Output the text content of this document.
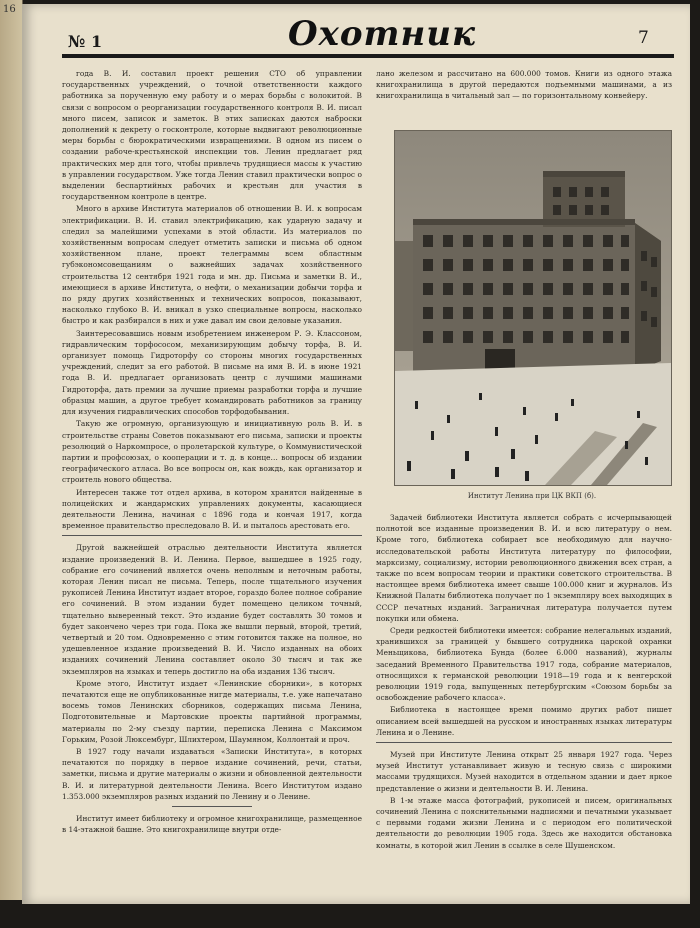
16
№ 1	Охотник	7

года В. И. составил проект решения СТО об управлении государственных учреждений, о точной ответственности каждого работника за порученную ему работу и о мерах борьбы с волокитой. В связи с вопросом о реорганизации государственного контроля В. И. писал много писем, записок и заметок. В этих записках даются наброски дополнений к декрету о госконтроле, которые выдвигают революционные меры борьбы с бюрократическими извращениями. В одном из писем о создании рабоче-крестьянской инспекции тов. Ленин предлагает ряд практических мер для того, чтобы привлечь трудящиеся массы к участию в управлении государством. Уже тогда Ленин ставил практически вопрос о выделении беспартийных рабочих и крестьян для участия в государственном контроле в центре.

Много в архиве Института материалов об отношении В. И. к вопросам электрификации. В. И. ставил электрификацию, как ударную задачу и следил за малейшими успехами в этой области. Из материалов по хозяйственным вопросам следует отметить записки и письма об одном хозяйственном плане, проект телеграммы всем областным губэкономсовещаниям о важнейших задачах хозяйственного строительства 12 сентября 1921 года и мн. др. Письма и заметки В. И., имеющиеся в архиве Института, о нефти, о механизации добычи торфа и по ряду других хозяйственных и технических вопросов, показывают, насколько глубоко В. И. вникал в узко специальные вопросы, насколько быстро и как разбирался в них и уже давал им свои деловые указания.

Заинтересовавшись новым изобретением инженером Р. Э. Классоном, гидравлическим торфососом, механизирующим добычу торфа, В. И. организует помощь Гидроторфу со стороны многих государственных учреждений, следит за его работой. В письме на имя В. И. в июне 1921 года В. И. предлагает организовать центр с лучшими машинами Гидроторфа, дать премии за лучшие приемы разработки торфа и лучшие образцы машин, а другое требует командировать работников за границу для изучения гидравлических способов торфодобывания.

Такую же огромную, организующую и инициативную роль В. И. в строительстве страны Советов показывают его письма, записки и проекты резолюций о Наркомпросе, о пролетарской культуре, о Коммунистической партии и профсоюзах, о кооперации и т. д. в конце… вопросы об издании географического атласа. Во все вопросы он, как вождь, как организатор и строитель нового общества.

Интересен также тот отдел архива, в котором хранятся найденные в полицейских и жандармских управлениях документы, касающиеся деятельности Ленина, начиная с 1896 года и кончая 1917, когда временное правительство преследовало В. И. и пыталось арестовать его.

Другой важнейшей отраслью деятельности Института является издание произведений В. И. Ленина. Первое, вышедшее в 1925 году, собрание его сочинений является очень неполным и неточным работы, которая Ленин писал не письма. Теперь, после тщательного изучения рукописей Ленина Институт издает второе, гораздо более полное собрание его сочинений. В этом издании будет помещено целиком точный, тщательно выверенный текст. Это издание будет составлять 30 томов и будет закончено через три года. Пока же вышли первый, второй, третий, четвертый и 20 том. Одновременно с этим готовится также на полное, но удешевленное издание произведений В. И. Число изданных на обоих изданиях сочинений Ленина составляет около 30 тысяч и так же экземпляров на языках и теперь достигло на оба издания 136 тысяч.

Кроме этого, Институт издает «Ленинские сборники», в которых печатаются еще не опубликованные нигде материалы, т.е. уже напечатано восемь томов Ленинских сборников, содержащих письма Ленина, Подготовительные и Мартовские проекты партийной программы, материалы по 2-му съезду партии, переписка Ленина с Максимом Горьким, Розой Люксембург, Шлихтером, Шаумяном, Коллонтай и проч.

В 1927 году начали издаваться «Записки Института», в которых печатаются по порядку в первое издание сочинений, речи, статьи, заметки, письма и другие материалы о жизни и обновленной деятельности В. И. и литературной деятельности Ленина. Всего Институтом издано 1.353.000 экземпляров разных изданий по Ленину и о Ленине.

Институт имеет библиотеку и огромное книгохранилище, размещенное в 14-этажной башне. Это книгохранилище внутри отде-

лано железом и рассчитано на 600.000 томов. Книги из одного этажа книгохранилища в другой передаются подъемными машинами, а из книгохранилища в читальный зал — по горизонтальному конвейеру.

Институт Ленина при ЦК ВКП (б).

Задачей библиотеки Института является собрать с исчерпывающей полнотой все изданные произведения В. И. и всю литературу о нем. Кроме того, библиотека собирает все необходимую для научно-исследовательской работы Института литературу по философии, марксизму, социализму, истории революционного движения всех стран, а также по всем вопросам теории и практики советского строительства. В настоящее время библиотека имеет свыше 100.000 книг и журналов. Из Книжной Палаты библиотека получает по 1 экземпляру всех выходящих в СССР печатных изданий. Заграничная литература получается путем покупки или обмена.

Среди редкостей библиотеки имеется: собрание нелегальных изданий, хранившихся за границей у бывшего сотрудника царской охранки Меньщикова, библиотека Бунда (более 6.000 названий), журналы заседаний Временного Правительства 1917 года, собрание материалов, относящихся к германской революции 1918—19 года и к венгерской революции 1919 года, выпущенных петербургским «Союзом борьбы за освобождение рабочего класса».

Библиотека в настоящее время помимо других работ пишет описанием всей вышедшей на русском и иностранных языках литературы Ленина и о Ленине.

Музей при Институте Ленина открыт 25 января 1927 года. Через музей Институт устанавливает живую и тесную связь с широкими массами трудящихся. Музей находится в отдельном здании и дает яркое представление о жизни и деятельности В. И. Ленина.

В 1-м этаже масса фотографий, рукописей и писем, оригинальных сочинений Ленина с пояснительными надписями и печатными указывает с первыми годами жизни Ленина и с периодом его политической деятельности до революции 1905 года. Здесь же находится обстановка комнаты, в которой жил Ленин в ссылке в селе Шушенском.
